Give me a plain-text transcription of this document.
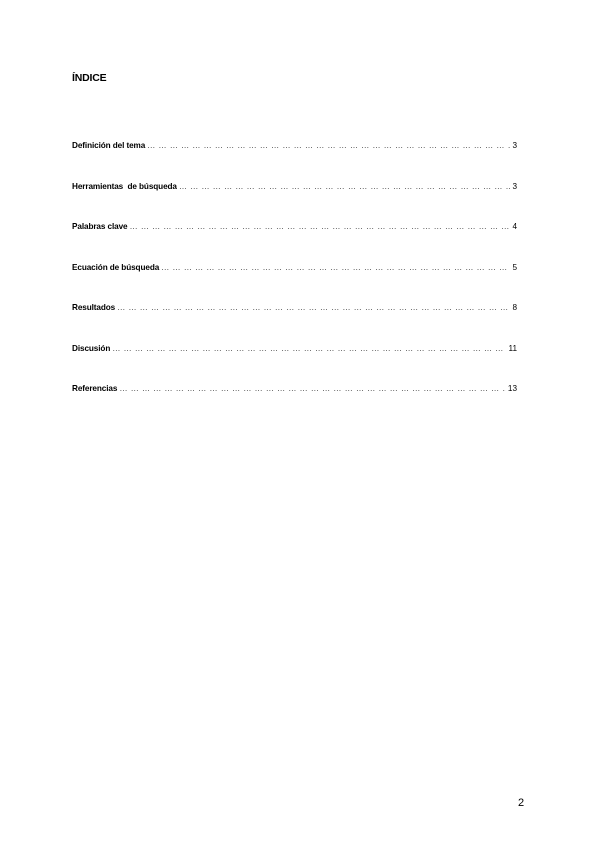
ÍNDICE
Definición del tema … … … … … … … … … … … … … … … … … … … … … … … … … … … … … … … … … … … … … … … … … … … … … … … … … … … … … … … … … … … … … … … … … … … … … … … …	3
Herramientas  de búsqueda … … … … … … … … … … … … … … … … … … … … … … … … … … … … … … … … … … … … … … … … … … … … … … … … … … … … … … … … … … … … … … … … … … … … … … … …	3
Palabras clave … … … … … … … … … … … … … … … … … … … … … … … … … … … … … … … … … … … … … … … … … … … … … … … … … … … … … … … … … … … … … … … … … … … … … … … …	4
Ecuación de búsqueda … … … … … … … … … … … … … … … … … … … … … … … … … … … … … … … … … … … … … … … … … … … … … … … … … … … … … … … … … … … … … … … … … … … … … … … …	5
Resultados … … … … … … … … … … … … … … … … … … … … … … … … … … … … … … … … … … … … … … … … … … … … … … … … … … … … … … … … … … … … … … … … … … … … … … … …	8
Discusión … … … … … … … … … … … … … … … … … … … … … … … … … … … … … … … … … … … … … … … … … … … … … … … … … … … … … … … … … … … … … … … … … … … … … … … …	11
Referencias … … … … … … … … … … … … … … … … … … … … … … … … … … … … … … … … … … … … … … … … … … … … … … … … … … … … … … … … … … … … … … … … … … … … … … … …	13
2
